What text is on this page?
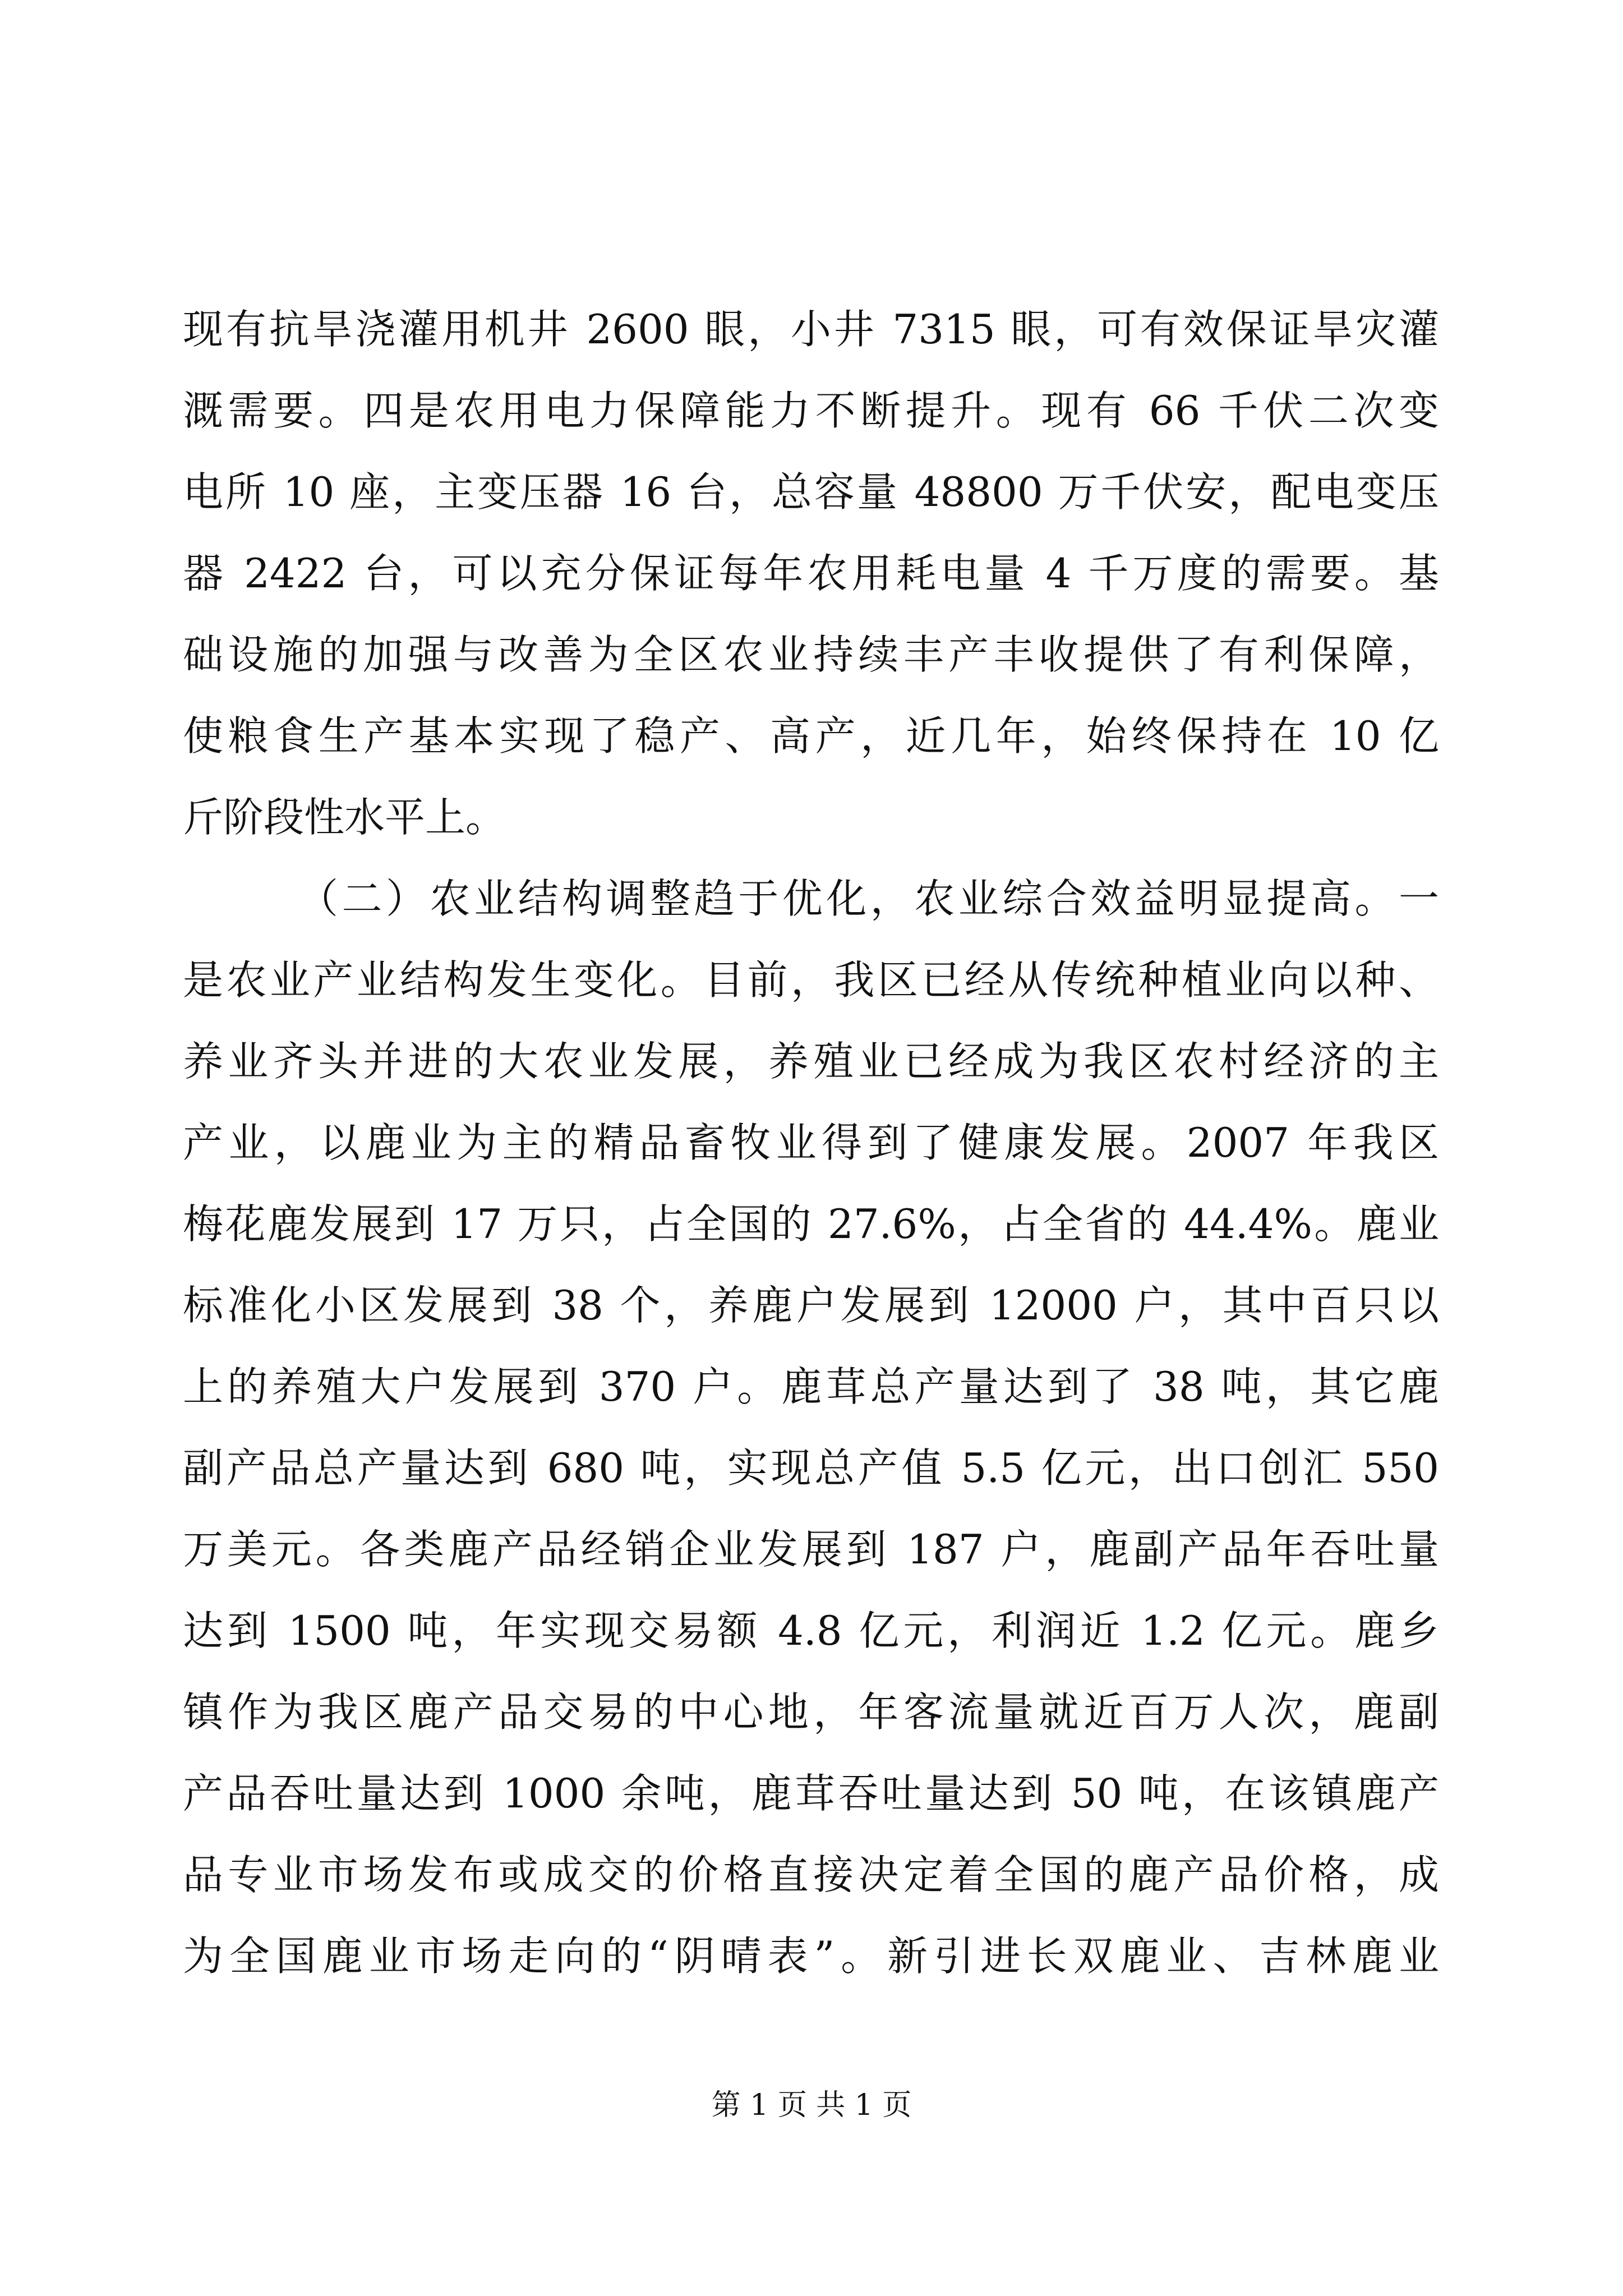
现有抗旱浇灌用机井 2600 眼，小井 7315 眼，可有效保证旱灾灌
溉需要。四是农用电力保障能力不断提升。现有 66 千伏二次变
电所 10 座，主变压器 16 台，总容量 48800 万千伏安，配电变压
器 2422 台，可以充分保证每年农用耗电量 4 千万度的需要。基
础设施的加强与改善为全区农业持续丰产丰收提供了有利保障，
使粮食生产基本实现了稳产、高产，近几年，始终保持在 10 亿
斤阶段性水平上。
（二）农业结构调整趋于优化，农业综合效益明显提高。一
是农业产业结构发生变化。目前，我区已经从传统种植业向以种、
养业齐头并进的大农业发展，养殖业已经成为我区农村经济的主
产业，以鹿业为主的精品畜牧业得到了健康发展。2007 年我区
梅花鹿发展到 17 万只，占全国的 27.6%，占全省的 44.4%。鹿业
标准化小区发展到 38 个，养鹿户发展到 12000 户，其中百只以
上的养殖大户发展到 370 户。鹿茸总产量达到了 38 吨，其它鹿
副产品总产量达到 680 吨，实现总产值 5.5 亿元，出口创汇 550
万美元。各类鹿产品经销企业发展到 187 户，鹿副产品年吞吐量
达到 1500 吨，年实现交易额 4.8 亿元，利润近 1.2 亿元。鹿乡
镇作为我区鹿产品交易的中心地，年客流量就近百万人次，鹿副
产品吞吐量达到 1000 余吨，鹿茸吞吐量达到 50 吨，在该镇鹿产
品专业市场发布或成交的价格直接决定着全国的鹿产品价格，成
为全国鹿业市场走向的“阴晴表”。新引进长双鹿业、吉林鹿业
第 1 页 共 1 页
